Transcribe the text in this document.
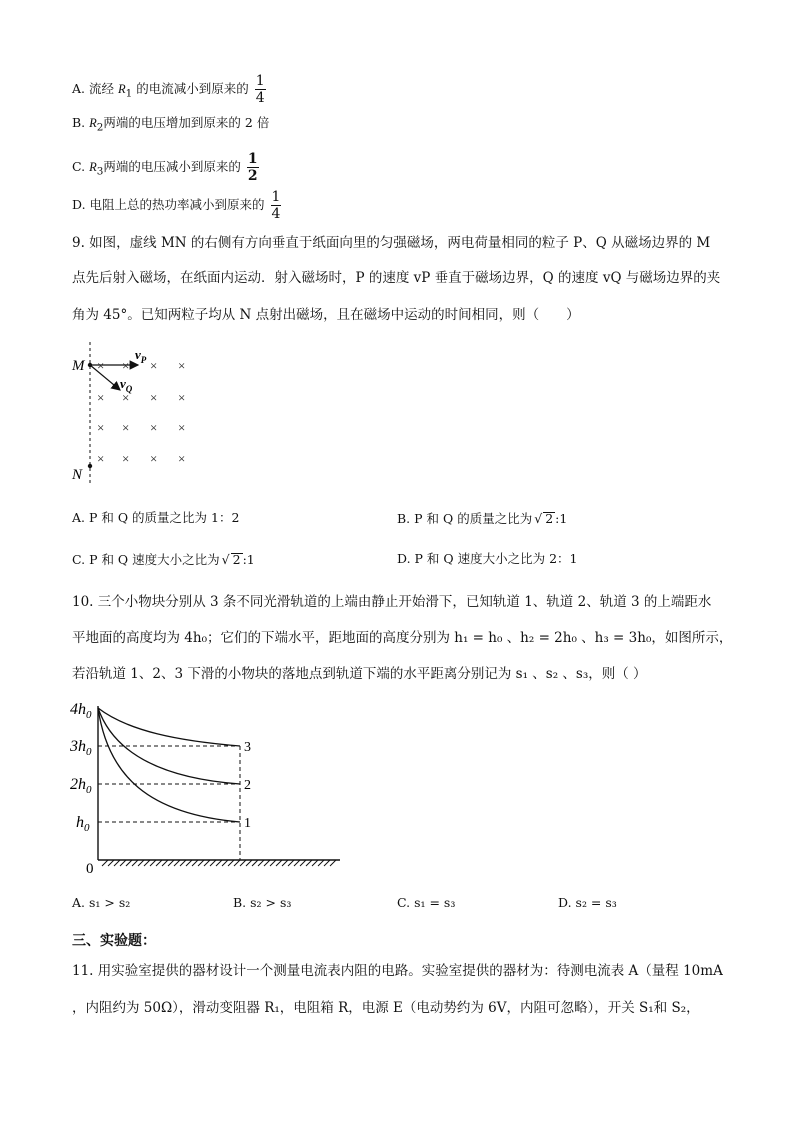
A. 流经 $R_1$ 的电流减小到原来的 $\frac{1}{4}$
B. $R_2$两端的电压增加到原来的 2 倍
C. $R_3$两端的电压减小到原来的 $\frac{1}{2}$
D. 电阻上总的热功率减小到原来的 $\frac{1}{4}$
9. 如图，虚线 MN 的右侧有方向垂直于纸面向里的匀强磁场，两电荷量相同的粒子 P、Q 从磁场边界的 M
点先后射入磁场，在纸面内运动．射入磁场时，P 的速度 vP 垂直于磁场边界，Q 的速度 vQ 与磁场边界的夹
角为 45°。已知两粒子均从 N 点射出磁场，且在磁场中运动的时间相同，则（　　）
M
N
$v_P$
$v_Q$
× × × ×
× × × ×
× × × ×
× × × ×
A. P 和 Q 的质量之比为 1：2	B. P 和 Q 的质量之比为 √ 2 :1
C. P 和 Q 速度大小之比为 √ 2 :1	D. P 和 Q 速度大小之比为 2：1
10. 三个小物块分别从 3 条不同光滑轨道的上端由静止开始滑下，已知轨道 1、轨道 2、轨道 3 的上端距水
平地面的高度均为 4h₀；它们的下端水平，距地面的高度分别为 h₁ = h₀ 、h₂ = 2h₀ 、h₃ = 3h₀，如图所示，
若沿轨道 1、2、3 下滑的小物块的落地点到轨道下端的水平距离分别记为 s₁ 、s₂ 、s₃，则（ ）
$4h_0$
$3h_0$
$2h_0$
$h_0$
0
3
2
1
A. s₁ > s₂	B. s₂ > s₃	C. s₁ = s₃	D. s₂ = s₃
三、实验题：
11. 用实验室提供的器材设计一个测量电流表内阻的电路。实验室提供的器材为：待测电流表 A（量程 10mA
，内阻约为 50Ω），滑动变阻器 R₁，电阻箱 R，电源 E（电动势约为 6V，内阻可忽略），开关 S₁和 S₂，
